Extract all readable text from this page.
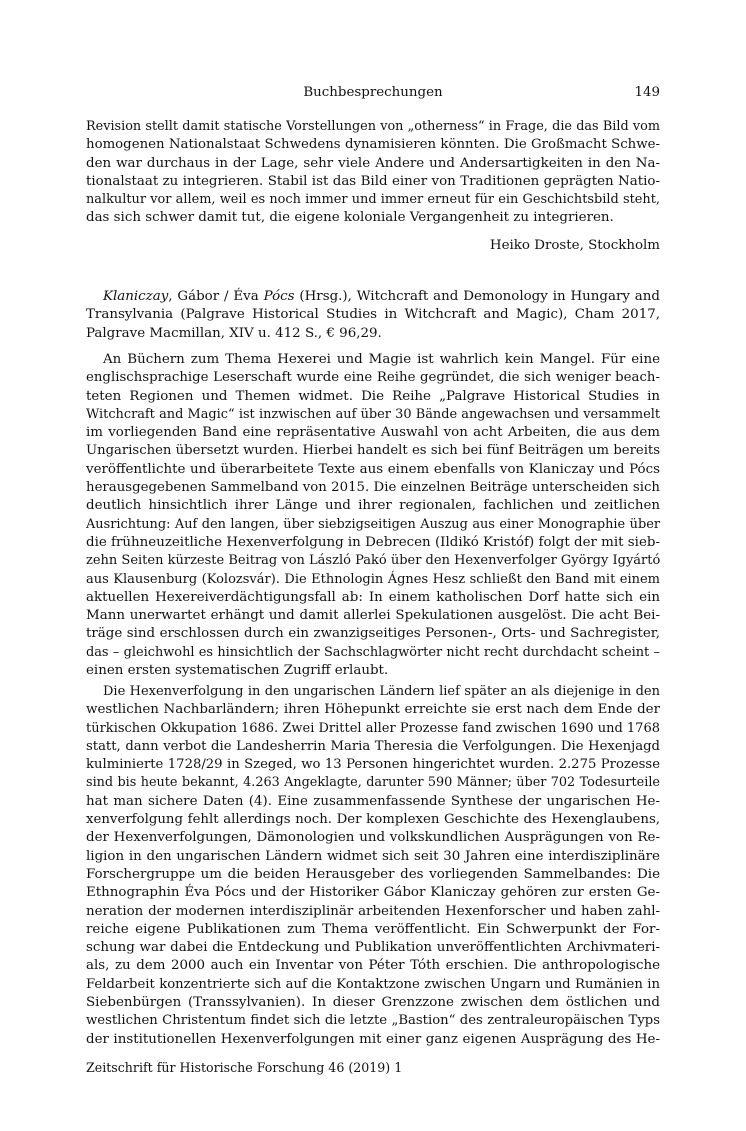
Buchbesprechungen	149
Revision stellt damit statische Vorstellungen von „otherness“ in Frage, die das Bild vom
homogenen Nationalstaat Schwedens dynamisieren könnten. Die Großmacht Schwe-
den war durchaus in der Lage, sehr viele Andere und Andersartigkeiten in den Na-
tionalstaat zu integrieren. Stabil ist das Bild einer von Traditionen geprägten Natio-
nalkultur vor allem, weil es noch immer und immer erneut für ein Geschichtsbild steht,
das sich schwer damit tut, die eigene koloniale Vergangenheit zu integrieren.
Heiko Droste, Stockholm
Klaniczay, Gábor / Éva Pócs (Hrsg.), Witchcraft and Demonology in Hungary and
Transylvania (Palgrave Historical Studies in Witchcraft and Magic), Cham 2017,
Palgrave Macmillan, XIV u. 412 S., € 96,29.
An Büchern zum Thema Hexerei und Magie ist wahrlich kein Mangel. Für eine
englischsprachige Leserschaft wurde eine Reihe gegründet, die sich weniger beach-
teten Regionen und Themen widmet. Die Reihe „Palgrave Historical Studies in
Witchcraft and Magic“ ist inzwischen auf über 30 Bände angewachsen und versammelt
im vorliegenden Band eine repräsentative Auswahl von acht Arbeiten, die aus dem
Ungarischen übersetzt wurden. Hierbei handelt es sich bei fünf Beiträgen um bereits
veröffentlichte und überarbeitete Texte aus einem ebenfalls von Klaniczay und Pócs
herausgegebenen Sammelband von 2015. Die einzelnen Beiträge unterscheiden sich
deutlich hinsichtlich ihrer Länge und ihrer regionalen, fachlichen und zeitlichen
Ausrichtung: Auf den langen, über siebzigseitigen Auszug aus einer Monographie über
die frühneuzeitliche Hexenverfolgung in Debrecen (Ildikó Kristóf) folgt der mit sieb-
zehn Seiten kürzeste Beitrag von László Pakó über den Hexenverfolger György Igyártó
aus Klausenburg (Kolozsvár). Die Ethnologin Ágnes Hesz schließt den Band mit einem
aktuellen Hexereiverdächtigungsfall ab: In einem katholischen Dorf hatte sich ein
Mann unerwartet erhängt und damit allerlei Spekulationen ausgelöst. Die acht Bei-
träge sind erschlossen durch ein zwanzigseitiges Personen-, Orts- und Sachregister,
das – gleichwohl es hinsichtlich der Sachschlagwörter nicht recht durchdacht scheint –
einen ersten systematischen Zugriff erlaubt.
Die Hexenverfolgung in den ungarischen Ländern lief später an als diejenige in den
westlichen Nachbarländern; ihren Höhepunkt erreichte sie erst nach dem Ende der
türkischen Okkupation 1686. Zwei Drittel aller Prozesse fand zwischen 1690 und 1768
statt, dann verbot die Landesherrin Maria Theresia die Verfolgungen. Die Hexenjagd
kulminierte 1728/29 in Szeged, wo 13 Personen hingerichtet wurden. 2.275 Prozesse
sind bis heute bekannt, 4.263 Angeklagte, darunter 590 Männer; über 702 Todesurteile
hat man sichere Daten (4). Eine zusammenfassende Synthese der ungarischen He-
xenverfolgung fehlt allerdings noch. Der komplexen Geschichte des Hexenglaubens,
der Hexenverfolgungen, Dämonologien und volkskundlichen Ausprägungen von Re-
ligion in den ungarischen Ländern widmet sich seit 30 Jahren eine interdisziplinäre
Forschergruppe um die beiden Herausgeber des vorliegenden Sammelbandes: Die
Ethnographin Éva Pócs und der Historiker Gábor Klaniczay gehören zur ersten Ge-
neration der modernen interdisziplinär arbeitenden Hexenforscher und haben zahl-
reiche eigene Publikationen zum Thema veröffentlicht. Ein Schwerpunkt der For-
schung war dabei die Entdeckung und Publikation unveröffentlichten Archivmateri-
als, zu dem 2000 auch ein Inventar von Péter Tóth erschien. Die anthropologische
Feldarbeit konzentrierte sich auf die Kontaktzone zwischen Ungarn und Rumänien in
Siebenbürgen (Transsylvanien). In dieser Grenzzone zwischen dem östlichen und
westlichen Christentum findet sich die letzte „Bastion“ des zentraleuropäischen Typs
der institutionellen Hexenverfolgungen mit einer ganz eigenen Ausprägung des He-
Zeitschrift für Historische Forschung 46 (2019) 1
